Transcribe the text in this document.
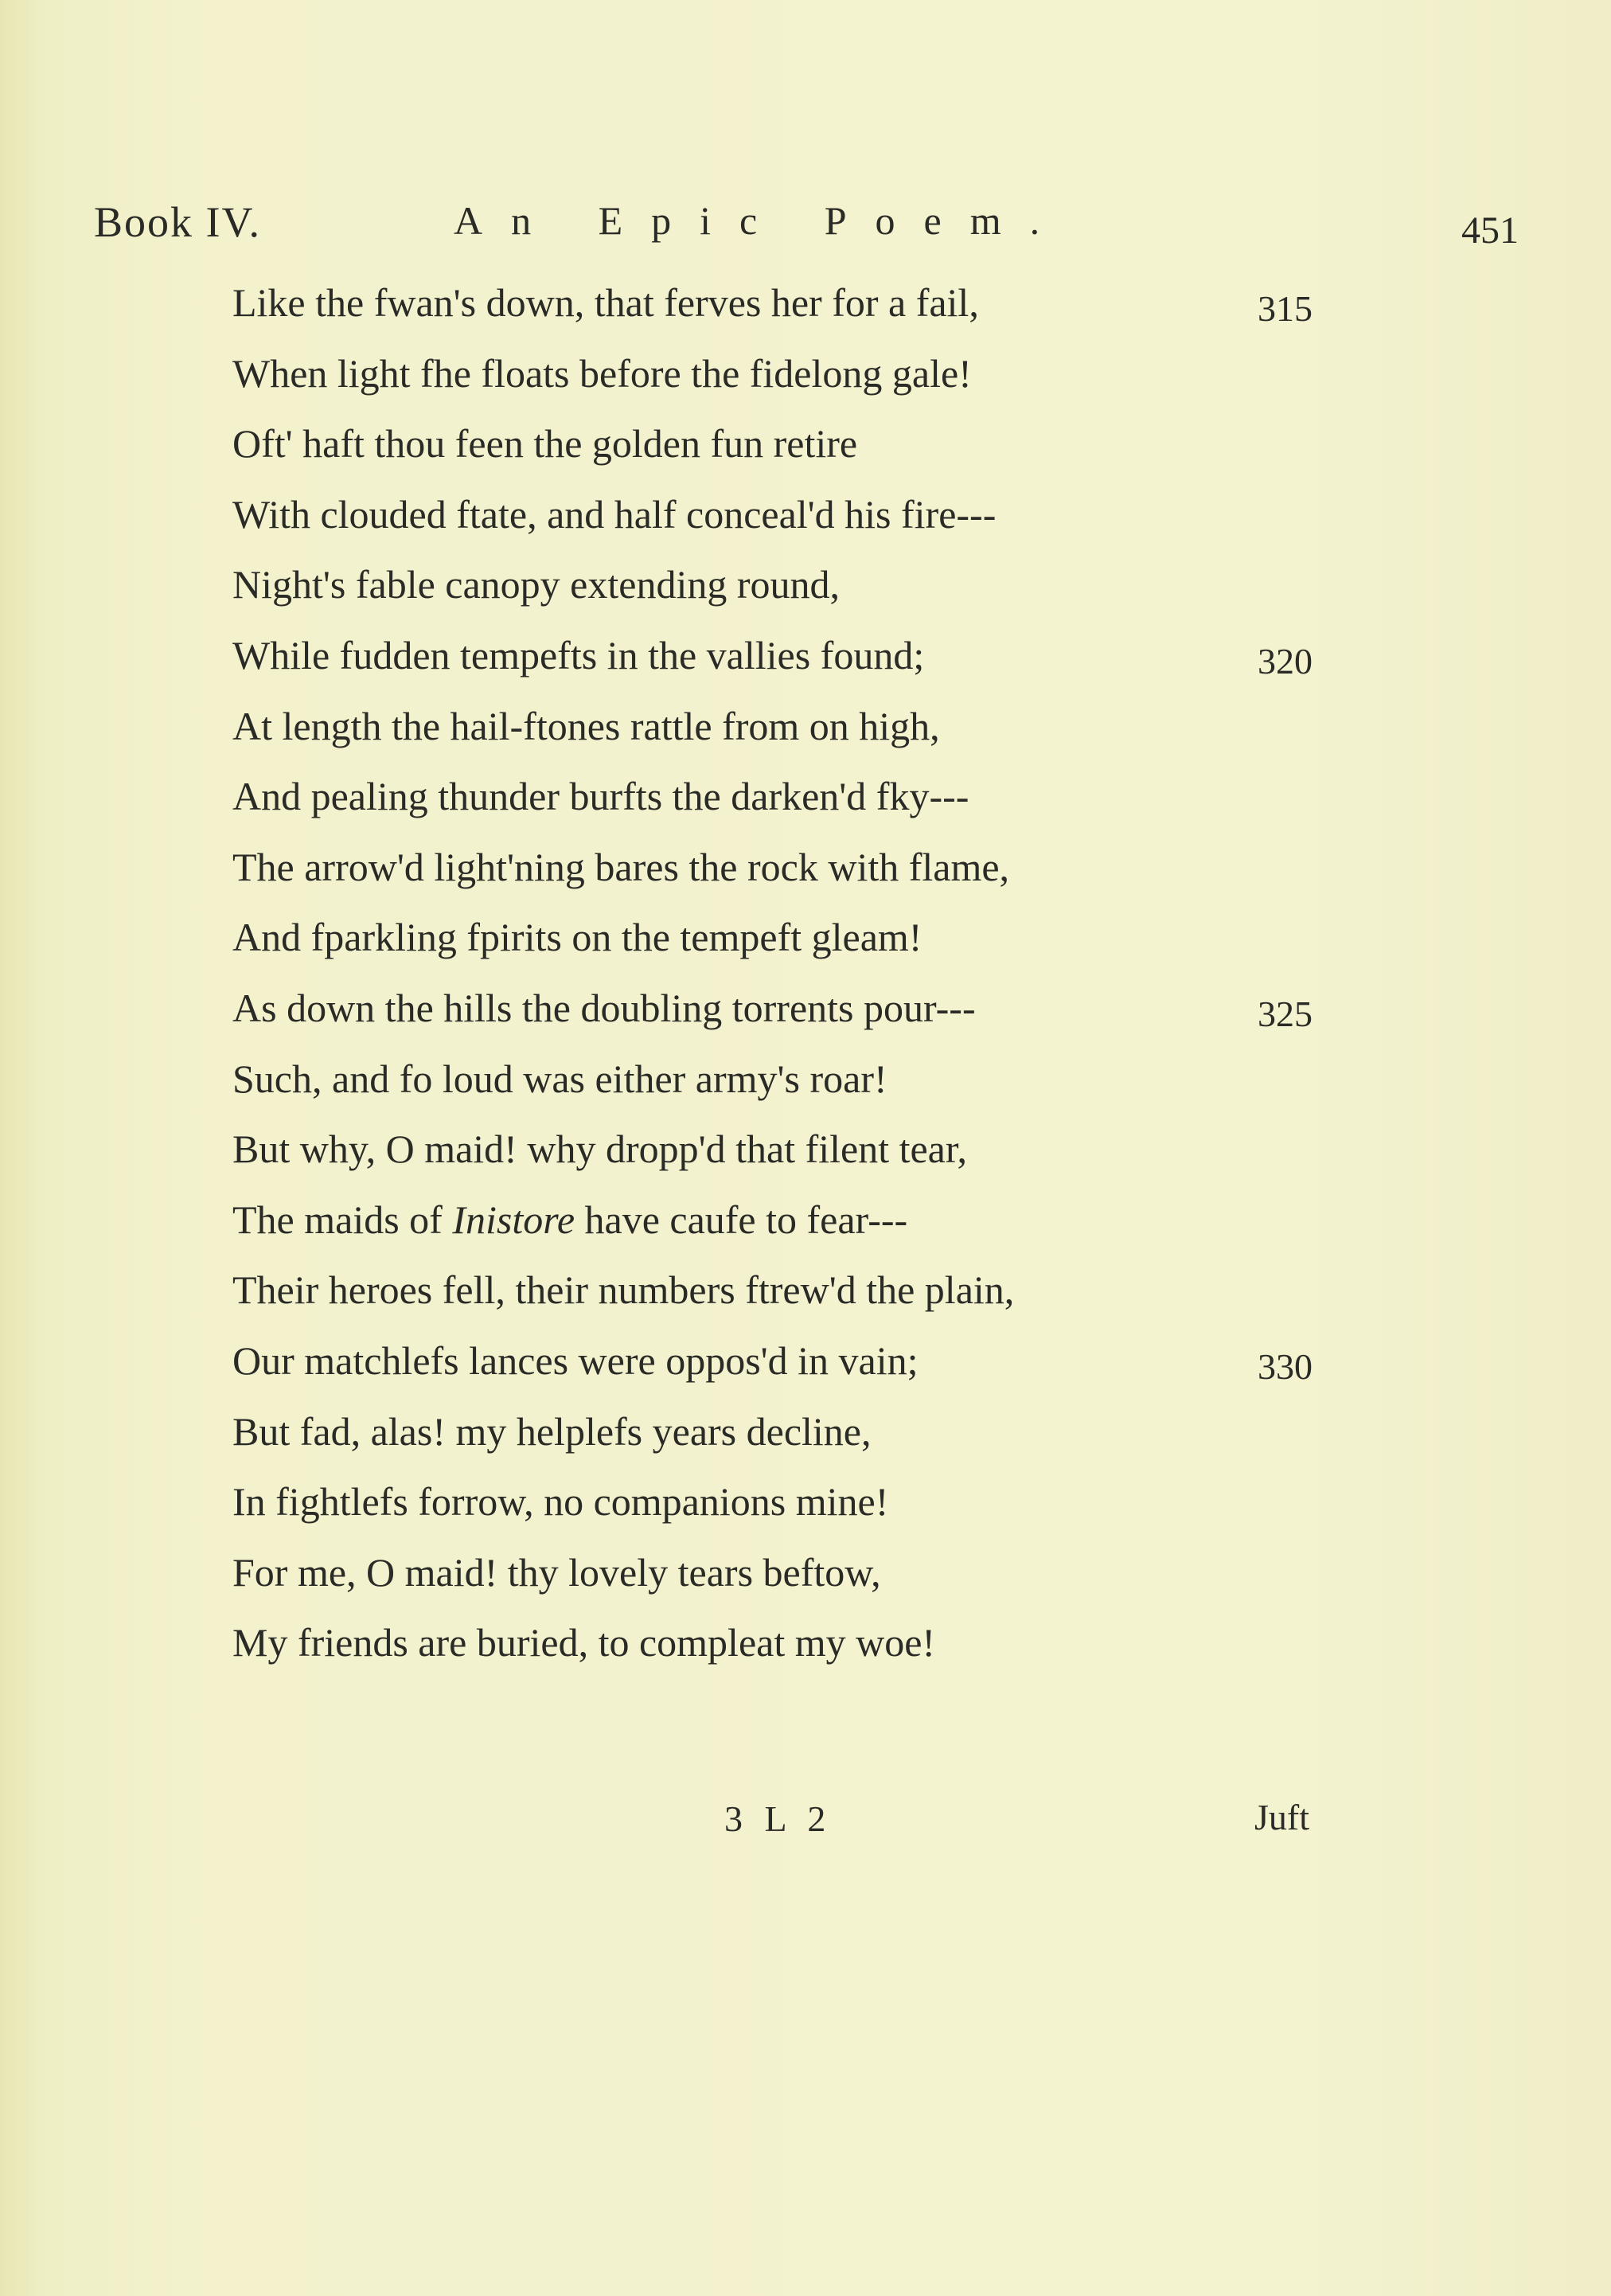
Book IV.	An Epic Poem.	451
Like the fwan's down, that ferves her for a fail,	315
When light fhe floats before the fidelong gale!
Oft' haft thou feen the golden fun retire
With clouded ftate, and half conceal'd his fire---
Night's fable canopy extending round,
While fudden tempefts in the vallies found;	320
At length the hail-ftones rattle from on high,
And pealing thunder burfts the darken'd fky---
The arrow'd light'ning bares the rock with flame,
And fparkling fpirits on the tempeft gleam!
As down the hills the doubling torrents pour---	325
Such, and fo loud was either army's roar!
But why, O maid! why dropp'd that filent tear,
The maids of Inistore have caufe to fear---
Their heroes fell, their numbers ftrew'd the plain,
Our matchlefs lances were oppos'd in vain;	330
But fad, alas! my helplefs years decline,
In fightlefs forrow, no companions mine!
For me, O maid! thy lovely tears beftow,
My friends are buried, to compleat my woe!
3 L 2	Juft
